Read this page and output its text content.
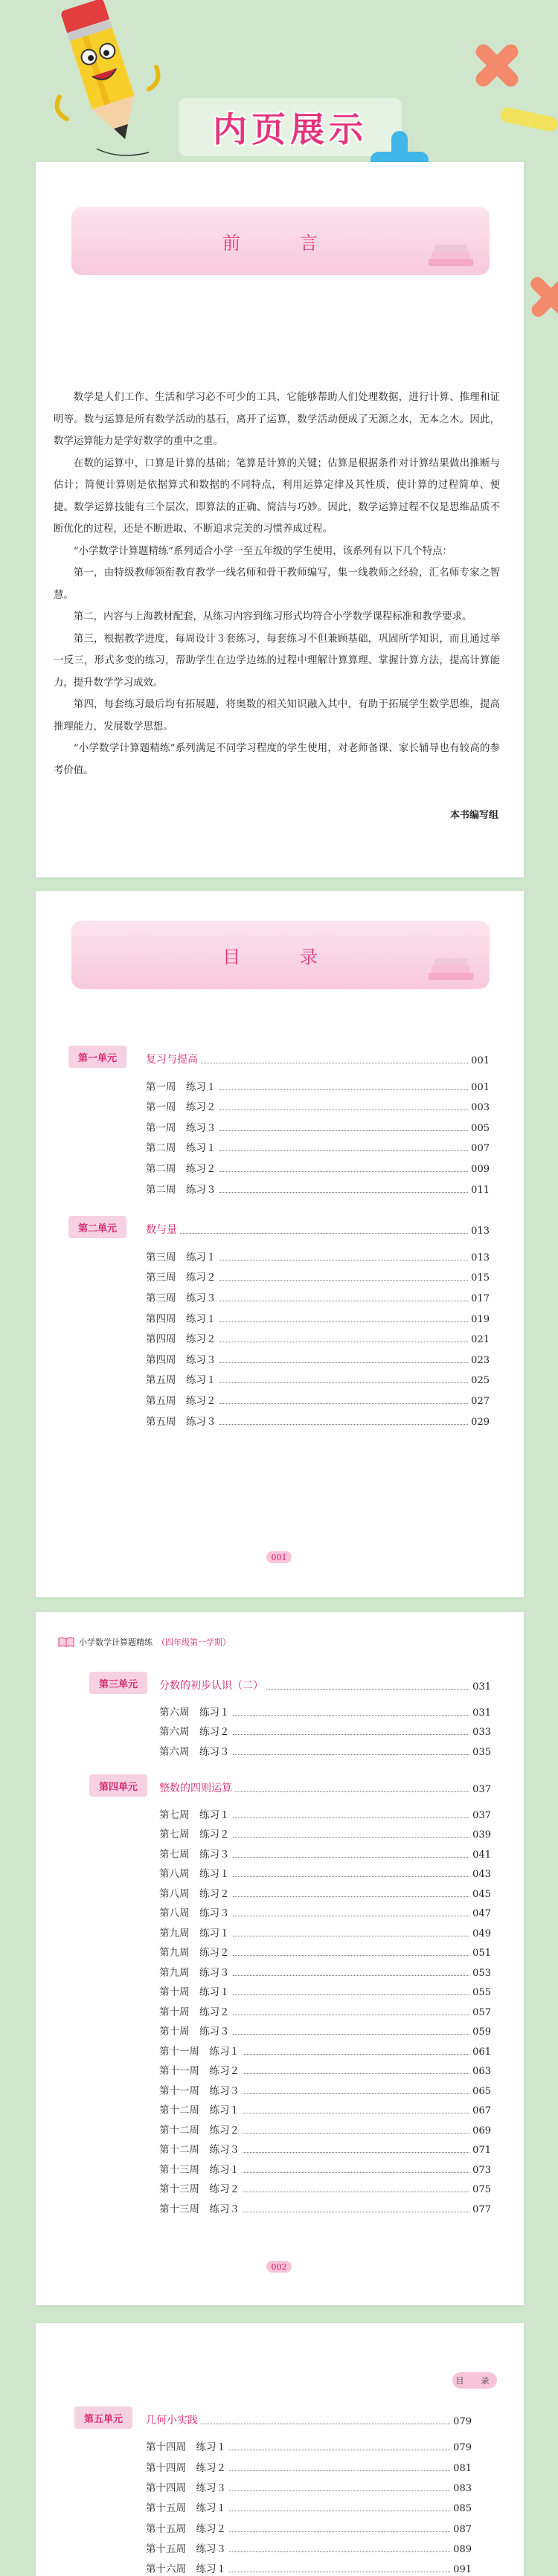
内页展示
前　言

数学是人们工作、生活和学习必不可少的工具，它能够帮助人们处理数据，进行计算、推理和证明等。数与运算是所有数学活动的基石，离开了运算，数学活动便成了无源之水，无本之木。因此，数学运算能力是学好数学的重中之重。

在数的运算中，口算是计算的基础；笔算是计算的关键；估算是根据条件对计算结果做出推断与估计；简便计算则是依据算式和数据的不同特点，利用运算定律及其性质，使计算的过程简单、便捷。数学运算技能有三个层次，即算法的正确、简洁与巧妙。因此，数学运算过程不仅是思维品质不断优化的过程，还是不断进取、不断追求完美的习惯养成过程。

“小学数学计算题精练”系列适合小学一至五年级的学生使用，该系列有以下几个特点：

第一，由特级教师领衔教育教学一线名师和骨干教师编写，集一线教师之经验，汇名师专家之智慧。

第二，内容与上海教材配套，从练习内容到练习形式均符合小学数学课程标准和教学要求。

第三，根据教学进度，每周设计３套练习，每套练习不但兼顾基础，巩固所学知识，而且通过举一反三，形式多变的练习，帮助学生在边学边练的过程中理解计算算理、掌握计算方法，提高计算能力，提升数学学习成效。

第四，每套练习最后均有拓展题，将奥数的相关知识融入其中，有助于拓展学生数学思维，提高推理能力，发展数学思想。

“小学数学计算题精练”系列满足不同学习程度的学生使用，对老师备课、家长辅导也有较高的参考价值。

本书编写组
目　录
第一单元	复习与提高	001
第一周　练习１	001
第一周　练习２	003
第一周　练习３	005
第二周　练习１	007
第二周　练习２	009
第二周　练习３	011
第二单元	数与量	013
第三周　练习１	013
第三周　练习２	015
第三周　练习３	017
第四周　练习１	019
第四周　练习２	021
第四周　练习３	023
第五周　练习１	025
第五周　练习２	027
第五周　练习３	029
001
小学数学计算题精练 （四年级第一学期）
第三单元	分数的初步认识（二）	031
第六周　练习１	031
第六周　练习２	033
第六周　练习３	035
第四单元	整数的四则运算	037
第七周　练习１	037
第七周　练习２	039
第七周　练习３	041
第八周　练习１	043
第八周　练习２	045
第八周　练习３	047
第九周　练习１	049
第九周　练习２	051
第九周　练习３	053
第十周　练习１	055
第十周　练习２	057
第十周　练习３	059
第十一周　练习１	061
第十一周　练习２	063
第十一周　练习３	065
第十二周　练习１	067
第十二周　练习２	069
第十二周　练习３	071
第十三周　练习１	073
第十三周　练习２	075
第十三周　练习３	077
002
目　录
第五单元	几何小实践	079
第十四周　练习１	079
第十四周　练习２	081
第十四周　练习３	083
第十五周　练习１	085
第十五周　练习２	087
第十五周　练习３	089
第十六周　练习１	091
